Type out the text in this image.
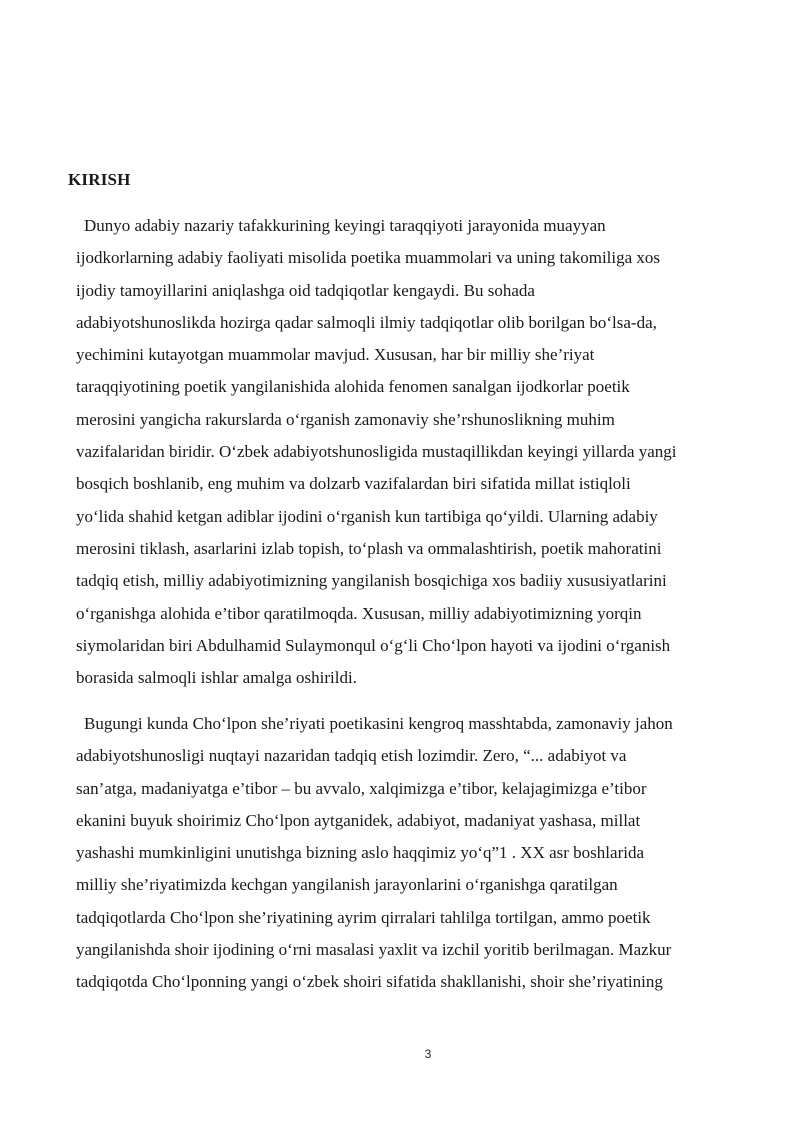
KIRISH
Dunyo adabiy nazariy tafakkurining keyingi taraqqiyoti jarayonida muayyan
ijodkorlarning adabiy faoliyati misolida poetika muammolari va uning takomiliga xos
ijodiy tamoyillarini aniqlashga oid tadqiqotlar kengaydi. Bu sohada
adabiyotshunoslikda hozirga qadar salmoqli ilmiy tadqiqotlar olib borilgan bo‘lsa-da,
yechimini kutayotgan muammolar mavjud. Xususan, har bir milliy she’riyat
taraqqiyotining poetik yangilanishida alohida fenomen sanalgan ijodkorlar poetik
merosini yangicha rakurslarda o‘rganish zamonaviy she’rshunoslikning muhim
vazifalaridan biridir. O‘zbek adabiyotshunosligida mustaqillikdan keyingi yillarda yangi
bosqich boshlanib, eng muhim va dolzarb vazifalardan biri sifatida millat istiqloli
yo‘lida shahid ketgan adiblar ijodini o‘rganish kun tartibiga qo‘yildi. Ularning adabiy
merosini tiklash, asarlarini izlab topish, to‘plash va ommalashtirish, poetik mahoratini
tadqiq etish, milliy adabiyotimizning yangilanish bosqichiga xos badiiy xususiyatlarini
o‘rganishga alohida e’tibor qaratilmoqda. Xususan, milliy adabiyotimizning yorqin
siymolaridan biri Abdulhamid Sulaymonqul o‘g‘li Cho‘lpon hayoti va ijodini o‘rganish
borasida salmoqli ishlar amalga oshirildi.
Bugungi kunda Cho‘lpon she’riyati poetikasini kengroq masshtabda, zamonaviy jahon
adabiyotshunosligi nuqtayi nazaridan tadqiq etish lozimdir. Zero, “... adabiyot va
san’atga, madaniyatga e’tibor – bu avvalo, xalqimizga e’tibor, kelajagimizga e’tibor
ekanini buyuk shoirimiz Cho‘lpon aytganidek, adabiyot, madaniyat yashasa, millat
yashashi mumkinligini unutishga bizning aslo haqqimiz yo‘q”1 . XX asr boshlarida
milliy she’riyatimizda kechgan yangilanish jarayonlarini o‘rganishga qaratilgan
tadqiqotlarda Cho‘lpon she’riyatining ayrim qirralari tahlilga tortilgan, ammo poetik
yangilanishda shoir ijodining o‘rni masalasi yaxlit va izchil yoritib berilmagan. Mazkur
tadqiqotda Cho‘lponning yangi o‘zbek shoiri sifatida shakllanishi, shoir she’riyatining
3
